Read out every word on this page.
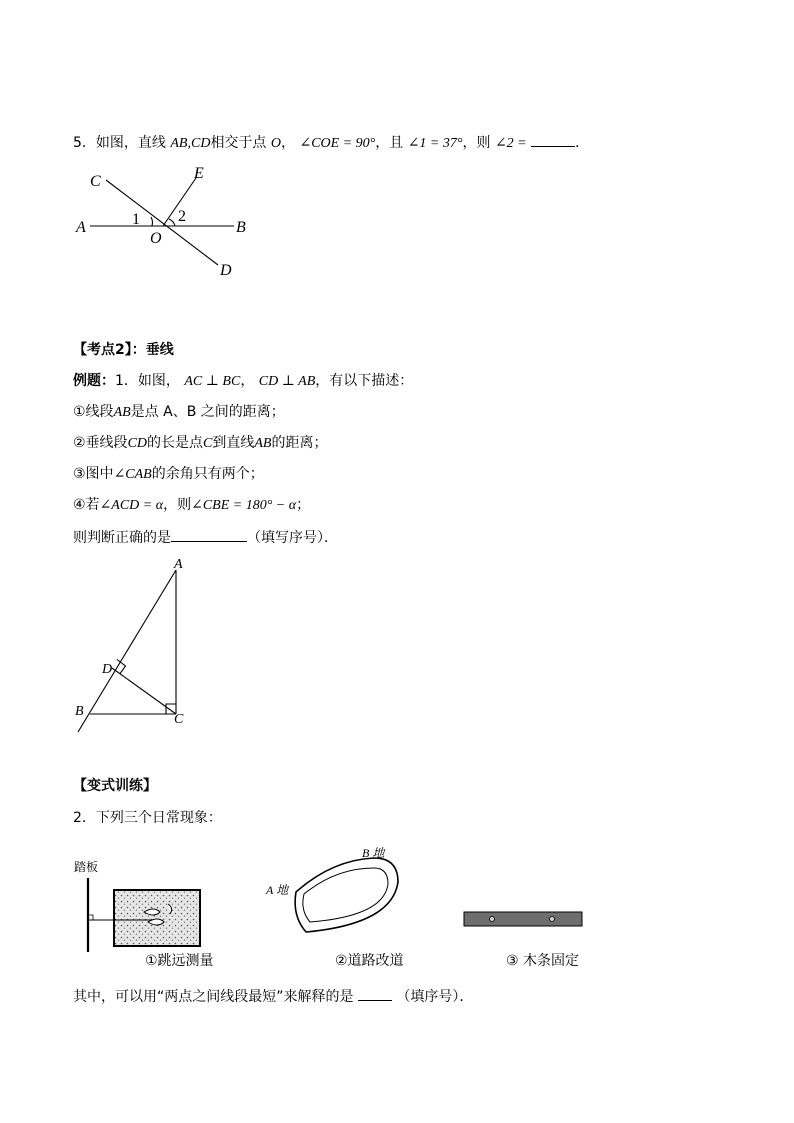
5．如图，直线 AB,CD相交于点 O， ∠COE = 90°，且 ∠1 = 37°，则 ∠2 =	．
C	E
A	B
O
D
1 2
【考点2】：垂线
例题：1．如图， AC ⊥ BC， CD ⊥ AB，有以下描述：
①线段AB是点 A、B 之间的距离；
②垂线段CD的长是点C到直线AB的距离；
③图中∠CAB的余角只有两个；
④若∠ACD = α，则∠CBE = 180° − α；
则判断正确的是	（填写序号）．
A
D
B
C
【变式训练】
2．下列三个日常现象：
踏板
①跳远测量
A 地
B 地
②道路改道	③ 木条固定
其中，可以用“两点之间线段最短”来解释的是	（填序号）．
